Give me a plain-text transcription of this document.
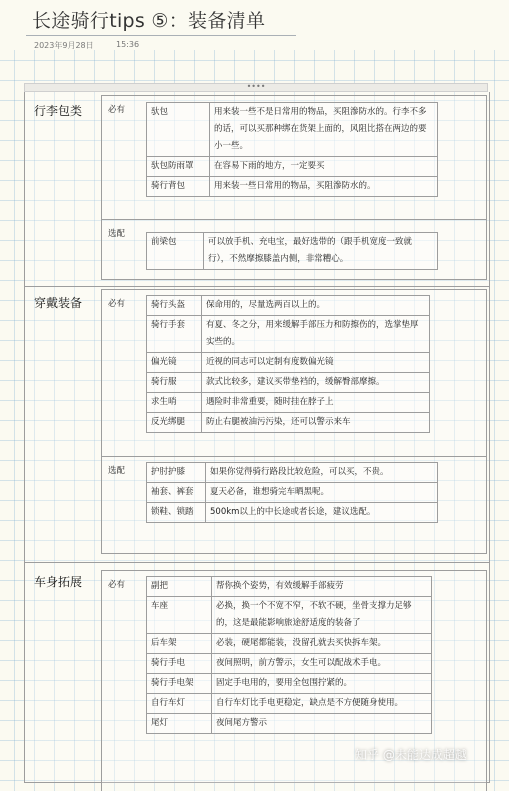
长途骑行tips ⑤：装备清单
2023年9月28日	15:36
••••
行李包类	必有	驮包	用来装一些不是日常用的物品，买阻滲防水的。行李不多的话，可以买那种绑在货架上面的，风阻比搭在两边的要小一些。
驮包防雨罩	在容易下雨的地方，一定要买
骑行背包	用来装一些日常用的物品，买阻滲防水的。
选配
前梁包	可以放手机、充电宝，最好选带的（跟手机宽度一致就行），不然摩擦膝盖内侧，非常糟心。
穿戴装备	必有	骑行头盔	保命用的，尽量选两百以上的。
骑行手套	有夏、冬之分，用来缓解手部压力和防擦伤的，选掌垫厚实些的。
偏光镜	近视的同志可以定制有度数偏光镜
骑行服	款式比较多，建议买带垫裆的，缓解臀部摩擦。
求生哨	遇险时非常重要，随时挂在脖子上
反光绑腿	防止右腿被油污污染，还可以警示来车
选配	护肘护膝	如果你觉得骑行路段比较危险，可以买，不贵。
袖套、裤套	夏天必备，谁想骑完车晒黑呢。
锁鞋、锁踏	500km以上的中长途或者长途，建议选配。
车身拓展	必有	副把	帮你换个姿势，有效缓解手部疲劳
车座	必换，换一个不宽不窄，不软不硬，坐骨支撑力足够的，这是最能影响旅途舒适度的装备了
后车架	必装，硬尾都能装，没留孔就去买快拆车架。
骑行手电	夜间照明，前方警示，女生可以配战术手电。
骑行手电架	固定手电用的，要用全包围拧紧的。
自行车灯	自行车灯比手电更稳定，缺点是不方便随身使用。
尾灯	夜间尾方警示
知乎 @未能达成超越
